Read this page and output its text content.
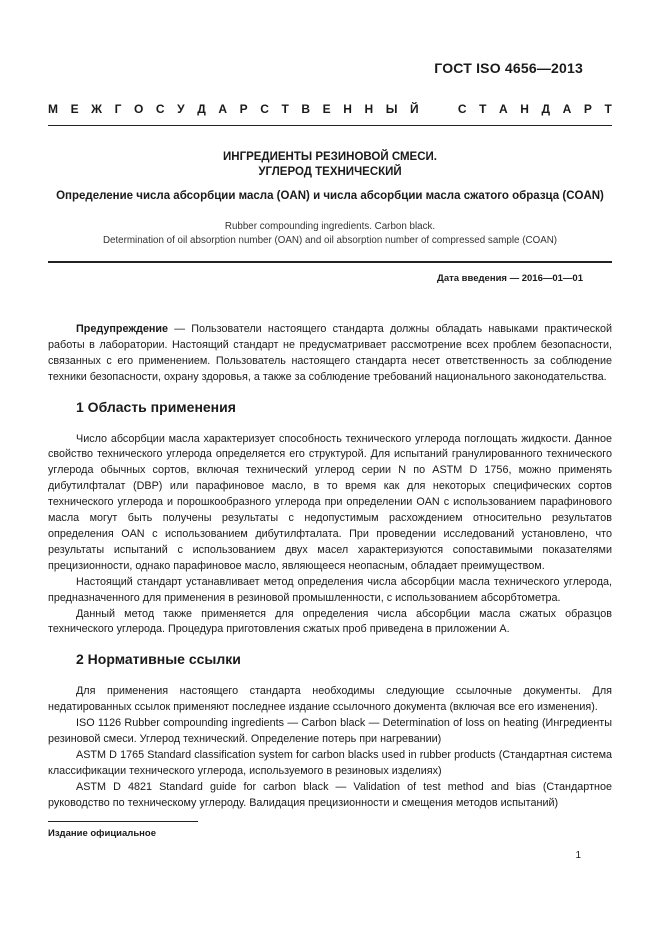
ГОСТ ISO 4656—2013
М Е Ж Г О С У Д А Р С Т В Е Н Н Ы Й	С Т А Н Д А Р Т
ИНГРЕДИЕНТЫ РЕЗИНОВОЙ СМЕСИ.
УГЛЕРОД ТЕХНИЧЕСКИЙ
Определение числа абсорбции масла (OAN) и числа абсорбции масла сжатого образца (COAN)
Rubber compounding ingredients. Carbon black.
Determination of oil absorption number (OAN) and oil absorption number of compressed sample (COAN)
Дата введения — 2016—01—01

Предупреждение — Пользователи настоящего стандарта должны обладать навыками практической работы в лаборатории. Настоящий стандарт не предусматривает рассмотрение всех проблем безопасности, связанных с его применением. Пользователь настоящего стандарта несет ответственность за соблюдение техники безопасности, охрану здоровья, а также за соблюдение требований национального законодательства.

1 Область применения

Число абсорбции масла характеризует способность технического углерода поглощать жидкости. Данное свойство технического углерода определяется его структурой. Для испытаний гранулированного технического углерода обычных сортов, включая технический углерод серии N по ASTM D 1756, можно применять дибутилфталат (DBP) или парафиновое масло, в то время как для некоторых специфических сортов технического углерода и порошкообразного углерода при определении OAN с использованием парафинового масла могут быть получены результаты с недопустимым расхождением относительно результатов определения OAN с использованием дибутилфталата. При проведении исследований установлено, что результаты испытаний с использованием двух масел характеризуются сопоставимыми показателями прецизионности, однако парафиновое масло, являющееся неопасным, обладает преимуществом.

Настоящий стандарт устанавливает метод определения числа абсорбции масла технического углерода, предназначенного для применения в резиновой промышленности, с использованием абсорбтометра.

Данный метод также применяется для определения числа абсорбции масла сжатых образцов технического углерода. Процедура приготовления сжатых проб приведена в приложении А.

2 Нормативные ссылки

Для применения настоящего стандарта необходимы следующие ссылочные документы. Для недатированных ссылок применяют последнее издание ссылочного документа (включая все его изменения).

ISO 1126 Rubber compounding ingredients — Carbon black — Determination of loss on heating (Ингредиенты резиновой смеси. Углерод технический. Определение потерь при нагревании)

ASTM D 1765 Standard classification system for carbon blacks used in rubber products (Стандартная система классификации технического углерода, используемого в резиновых изделиях)

ASTM D 4821 Standard guide for carbon black — Validation of test method and bias (Стандартное руководство по техническому углероду. Валидация прецизионности и смещения методов испытаний)

Издание официальное
1
